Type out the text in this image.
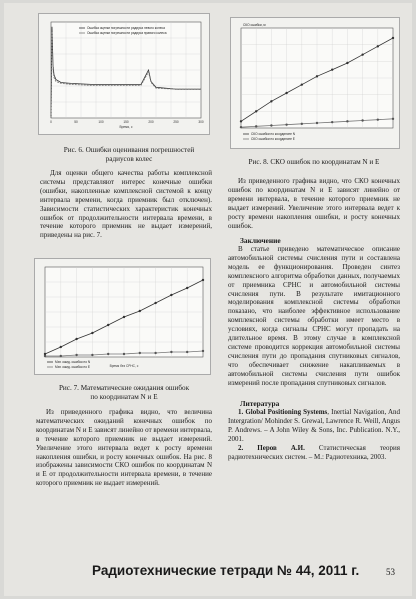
0	50	100	150	200	250	300
Время, с
Ошибка оценки погрешности радиуса левого колеса
Ошибка оценки погрешности радиуса правого колеса
Рис. 6. Ошибки оценивания погрешностей
радиусов колес
Для оценки общего качества работы комплексной системы представляют интерес конечные ошибки (ошибки, накопленные комплексной системой к концу интервала времени, когда приемник был отключен). Зависимости статистических характеристик конечных ошибок от продолжительности интервала времени, в течение которого приемник не выдает измерений, приведены на рис. 7.
Время без СРНС, с
Мат. ожид. ошибок по N
Мат. ожид. ошибок по E
Рис. 7. Математические ожидания ошибок
по координатам N и E
Из приведенного графика видно, что величина математических ожиданий конечных ошибок по координатам N и E зависят линейно от времени интервала, в течение которого приемник не выдает измерений. Увеличение этого интервала ведет к росту времени накопления ошибки, и росту конечных ошибок. На рис. 8 изображены зависимости СКО ошибок по координатам N и E от продолжительности интервала времени, в течение которого приемник не выдает измерений.
СКО ошибки по координате N
СКО ошибки по координате E
СКО ошибки, м
Рис. 8. СКО ошибок по координатам N и E
Из приведенного графика видно, что СКО конечных ошибок по координатам N и E зависят линейно от времени интервала, в течение которого приемник не выдает измерений. Увеличение этого интервала ведет к росту времени накопления ошибки, и росту конечных ошибок.
Заключение
В статье приведено математическое описание автомобильной системы счисления пути и составлена модель ее функционирования. Проведен синтез комплексного алгоритма обработки данных, получаемых от приемника СРНС и автомобильной системы счисления пути. В результате имитационного моделирования комплексной системы обработки показано, что наиболее эффективное использование комплексной системы обработки имеет место в условиях, когда сигналы СРНС могут пропадать на длительное время. В этому случае в комплексной системе проводится коррекция автомобильной системы счисления пути до пропадания спутниковых сигналов, что обеспечивает снижение накапливаемых в автомобильной системы счисления пути ошибок измерений после пропадания спутниковых сигналов.
Литература
1. Global Positioning Systems, Inertial Navigation, And Intergration/ Mohinder S. Grewal, Lawrence R. Weill, Angus P. Andrews. – A John Wiley & Sons, Inc. Publication. N.Y., 2001.
2. Перов А.И. Статистическая теория радиотехнических систем. – М.: Радиотехника, 2003.
Радиотехнические тетради № 44, 2011 г.	53
